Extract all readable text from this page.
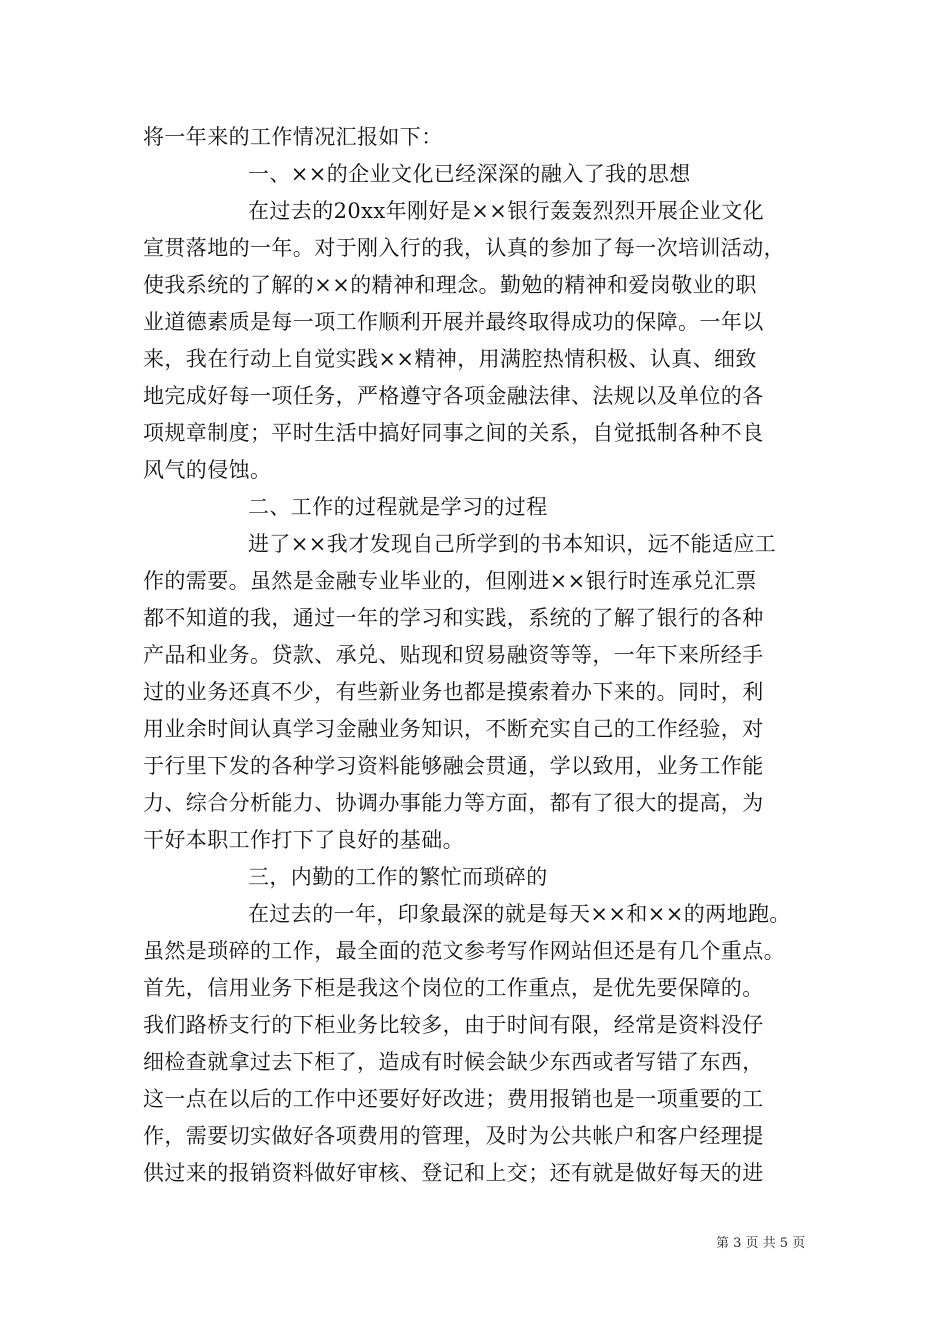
将一年来的工作情况汇报如下：
一、××的企业文化已经深深的融入了我的思想
在过去的20xx年刚好是××银行轰轰烈烈开展企业文化
宣贯落地的一年。对于刚入行的我，认真的参加了每一次培训活动，
使我系统的了解的××的精神和理念。勤勉的精神和爱岗敬业的职
业道德素质是每一项工作顺利开展并最终取得成功的保障。一年以
来，我在行动上自觉实践××精神，用满腔热情积极、认真、细致
地完成好每一项任务，严格遵守各项金融法律、法规以及单位的各
项规章制度；平时生活中搞好同事之间的关系，自觉抵制各种不良
风气的侵蚀。
二、工作的过程就是学习的过程
进了××我才发现自己所学到的书本知识，远不能适应工
作的需要。虽然是金融专业毕业的，但刚进××银行时连承兑汇票
都不知道的我，通过一年的学习和实践，系统的了解了银行的各种
产品和业务。贷款、承兑、贴现和贸易融资等等，一年下来所经手
过的业务还真不少，有些新业务也都是摸索着办下来的。同时，利
用业余时间认真学习金融业务知识，不断充实自己的工作经验，对
于行里下发的各种学习资料能够融会贯通，学以致用，业务工作能
力、综合分析能力、协调办事能力等方面，都有了很大的提高，为
干好本职工作打下了良好的基础。
三，内勤的工作的繁忙而琐碎的
在过去的一年，印象最深的就是每天××和××的两地跑。
虽然是琐碎的工作，最全面的范文参考写作网站但还是有几个重点。
首先，信用业务下柜是我这个岗位的工作重点，是优先要保障的。
我们路桥支行的下柜业务比较多，由于时间有限，经常是资料没仔
细检查就拿过去下柜了，造成有时候会缺少东西或者写错了东西，
这一点在以后的工作中还要好好改进；费用报销也是一项重要的工
作，需要切实做好各项费用的管理，及时为公共帐户和客户经理提
供过来的报销资料做好审核、登记和上交；还有就是做好每天的进
第 3 页 共 5 页
